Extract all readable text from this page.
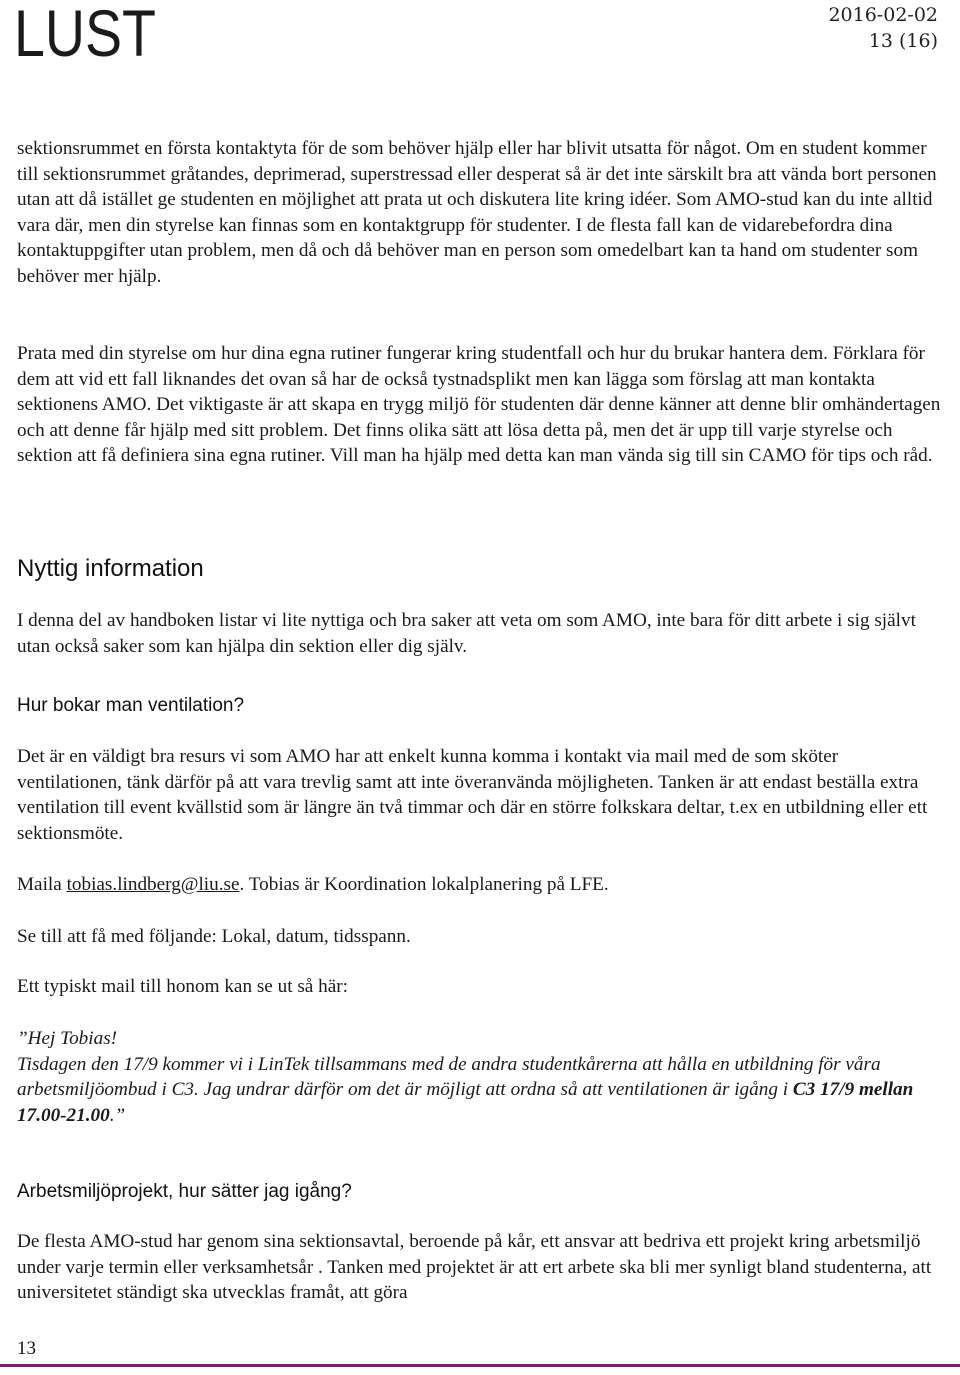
LUST	2016-02-02
13 (16)

sektionsrummet en första kontaktyta för de som behöver hjälp eller har blivit utsatta för något. Om en student kommer till sektionsrummet gråtandes, deprimerad, superstressad eller desperat så är det inte särskilt bra att vända bort personen utan att då istället ge studenten en möjlighet att prata ut och diskutera lite kring idéer. Som AMO-stud kan du inte alltid vara där, men din styrelse kan finnas som en kontaktgrupp för studenter. I de flesta fall kan de vidarebefordra dina kontaktuppgifter utan problem, men då och då behöver man en person som omedelbart kan ta hand om studenter som behöver mer hjälp.

Prata med din styrelse om hur dina egna rutiner fungerar kring studentfall och hur du brukar hantera dem. Förklara för dem att vid ett fall liknandes det ovan så har de också tystnadsplikt men kan lägga som förslag att man kontakta sektionens AMO. Det viktigaste är att skapa en trygg miljö för studenten där denne känner att denne blir omhändertagen och att denne får hjälp med sitt problem. Det finns olika sätt att lösa detta på, men det är upp till varje styrelse och sektion att få definiera sina egna rutiner. Vill man ha hjälp med detta kan man vända sig till sin CAMO för tips och råd.

Nyttig information

I denna del av handboken listar vi lite nyttiga och bra saker att veta om som AMO, inte bara för ditt arbete i sig självt utan också saker som kan hjälpa din sektion eller dig själv.

Hur bokar man ventilation?

Det är en väldigt bra resurs vi som AMO har att enkelt kunna komma i kontakt via mail med de som sköter ventilationen, tänk därför på att vara trevlig samt att inte överanvända möjligheten. Tanken är att endast beställa extra ventilation till event kvällstid som är längre än två timmar och där en större folkskara deltar, t.ex en utbildning eller ett sektionsmöte.

Maila tobias.lindberg@liu.se. Tobias är Koordination lokalplanering på LFE.

Se till att få med följande: Lokal, datum, tidsspann.

Ett typiskt mail till honom kan se ut så här:

”Hej Tobias!
Tisdagen den 17/9 kommer vi i LinTek tillsammans med de andra studentkårerna att hålla en utbildning för våra arbetsmiljöombud i C3. Jag undrar därför om det är möjligt att ordna så att ventilationen är igång i C3 17/9 mellan 17.00-21.00.”
Arbetsmiljöprojekt, hur sätter jag igång?

De flesta AMO-stud har genom sina sektionsavtal, beroende på kår, ett ansvar att bedriva ett projekt kring arbetsmiljö under varje termin eller verksamhetsår . Tanken med projektet är att ert arbete ska bli mer synligt bland studenterna, att universitetet ständigt ska utvecklas framåt, att göra

13
